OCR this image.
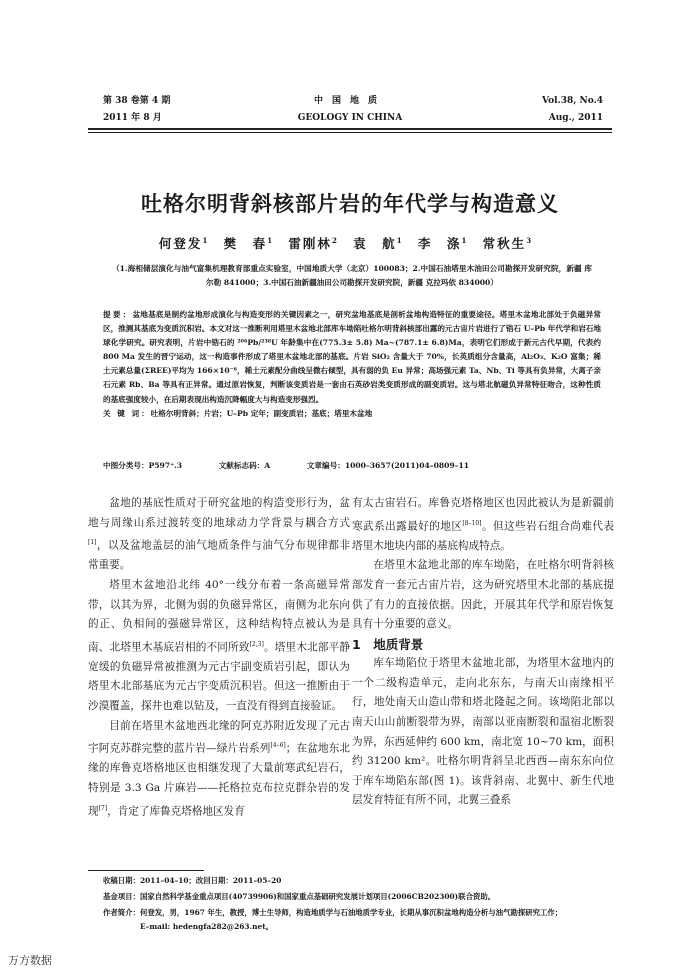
第 38 卷第 4 期
2011 年 8 月
中国地质
GEOLOGY IN CHINA
Vol.38, No.4
Aug., 2011
吐格尔明背斜核部片岩的年代学与构造意义
何登发$^1$ 樊　春$^1$ 雷刚林$^2$ 袁　航$^1$ 李　涤$^1$ 常秋生$^3$
（1.海相储层演化与油气富集机理教育部重点实验室，中国地质大学（北京）100083；2.中国石油塔里木油田公司勘探开发研究院，新疆 库尔勒 841000；3.中国石油新疆油田公司勘探开发研究院，新疆 克拉玛依 834000）
提要：盆地基底是制约盆地形成演化与构造变形的关键因素之一，研究盆地基底是剖析盆地构造特征的重要途径。塔里木盆地北部处于负磁异常区，推测其基底为变质沉积岩。本文对这一推断利用塔里木盆地北部库车坳陷吐格尔明背斜核部出露的元古宙片岩进行了锆石 U–Pb 年代学和岩石地球化学研究。研究表明，片岩中锆石的 ²⁰⁶Pb/²³⁸U 年龄集中在(775.3± 5.8) Ma~(787.1± 6.8)Ma，表明它们形成于新元古代早期，代表约 800 Ma 发生的晋宁运动，这一构造事件形成了塔里木盆地北部的基底。片岩 SiO₂ 含量大于 70%，长英质组分含量高，Al₂O₃、K₂O 富集；稀土元素总量(ΣREE)平均为 166×10⁻⁶，稀土元素配分曲线呈微右倾型，具有弱的负 Eu 异常；高场强元素 Ta、Nb、Ti 等具有负异常，大离子亲石元素 Rb、Ba 等具有正异常。通过原岩恢复，判断该变质岩是一套由石英砂岩类变质形成的副变质岩。这与塔北航磁负异常特征吻合，这种性质的基底强度较小，在后期表现出构造沉降幅度大与构造变形强烈。
关 键 词：吐格尔明背斜；片岩；U–Pb 定年；副变质岩；基底；塔里木盆地
中图分类号：P597⁺.3	文献标志码：A	文章编号：1000–3657(2011)04–0809–11

盆地的基底性质对于研究盆地的构造变形行为，盆地与周缘山系过渡转变的地球动力学背景与耦合方式[1]，以及盆地盖层的油气地质条件与油气分布规律都非常重要。

塔里木盆地沿北纬 40°一线分布着一条高磁异常带，以其为界，北侧为弱的负磁异常区，南侧为北东向的正、负相间的强磁异常区，这种结构特点被认为是南、北塔里木基底岩相的不同所致[2,3]。塔里木北部平静宽缓的负磁异常被推测为元古宇副变质岩引起，即认为塔里木北部基底为元古宇变质沉积岩。但这一推断由于沙漠覆盖，探井也难以钻及，一直没有得到直接验证。

目前在塔里木盆地西北缘的阿克苏附近发现了元古宇阿克苏群完整的蓝片岩—绿片岩系列[4–6]；在盆地东北缘的库鲁克塔格地区也相继发现了大量前寒武纪岩石，特别是 3.3 Ga 片麻岩——托格拉克布拉克群杂岩的发现[7]，肯定了库鲁克塔格地区发育

有太古宙岩石。库鲁克塔格地区也因此被认为是新疆前寒武系出露最好的地区[8–10]。但这些岩石组合尚难代表塔里木地块内部的基底构成特点。

在塔里木盆地北部的库车坳陷，在吐格尔明背斜核部发育一套元古宙片岩，这为研究塔里木北部的基底提供了有力的直接依据。因此，开展其年代学和原岩恢复具有十分重要的意义。

1　地质背景

库车坳陷位于塔里木盆地北部，为塔里木盆地内的一个二级构造单元，走向北东东，与南天山南缘相平行，地处南天山造山带和塔北隆起之间。该坳陷北部以南天山山前断裂带为界，南部以亚南断裂和温宿北断裂为界，东西延伸约 600 km，南北宽 10~70 km，面积约 31200 km²。吐格尔明背斜呈北西西—南东东向位于库车坳陷东部(图 1)。该背斜南、北翼中、新生代地层发育特征有所不同，北翼三叠系

收稿日期：2011–04–10；改回日期：2011–05–20
基金项目：国家自然科学基金重点项目(40739906)和国家重点基础研究发展计划项目(2006CB202300)联合资助。
作者简介：何登发，男，1967 年生，教授，博士生导师，构造地质学与石油地质学专业，长期从事沉积盆地构造分析与油气勘探研究工作；
E–mail: hedengfa282@263.net。
万方数据
